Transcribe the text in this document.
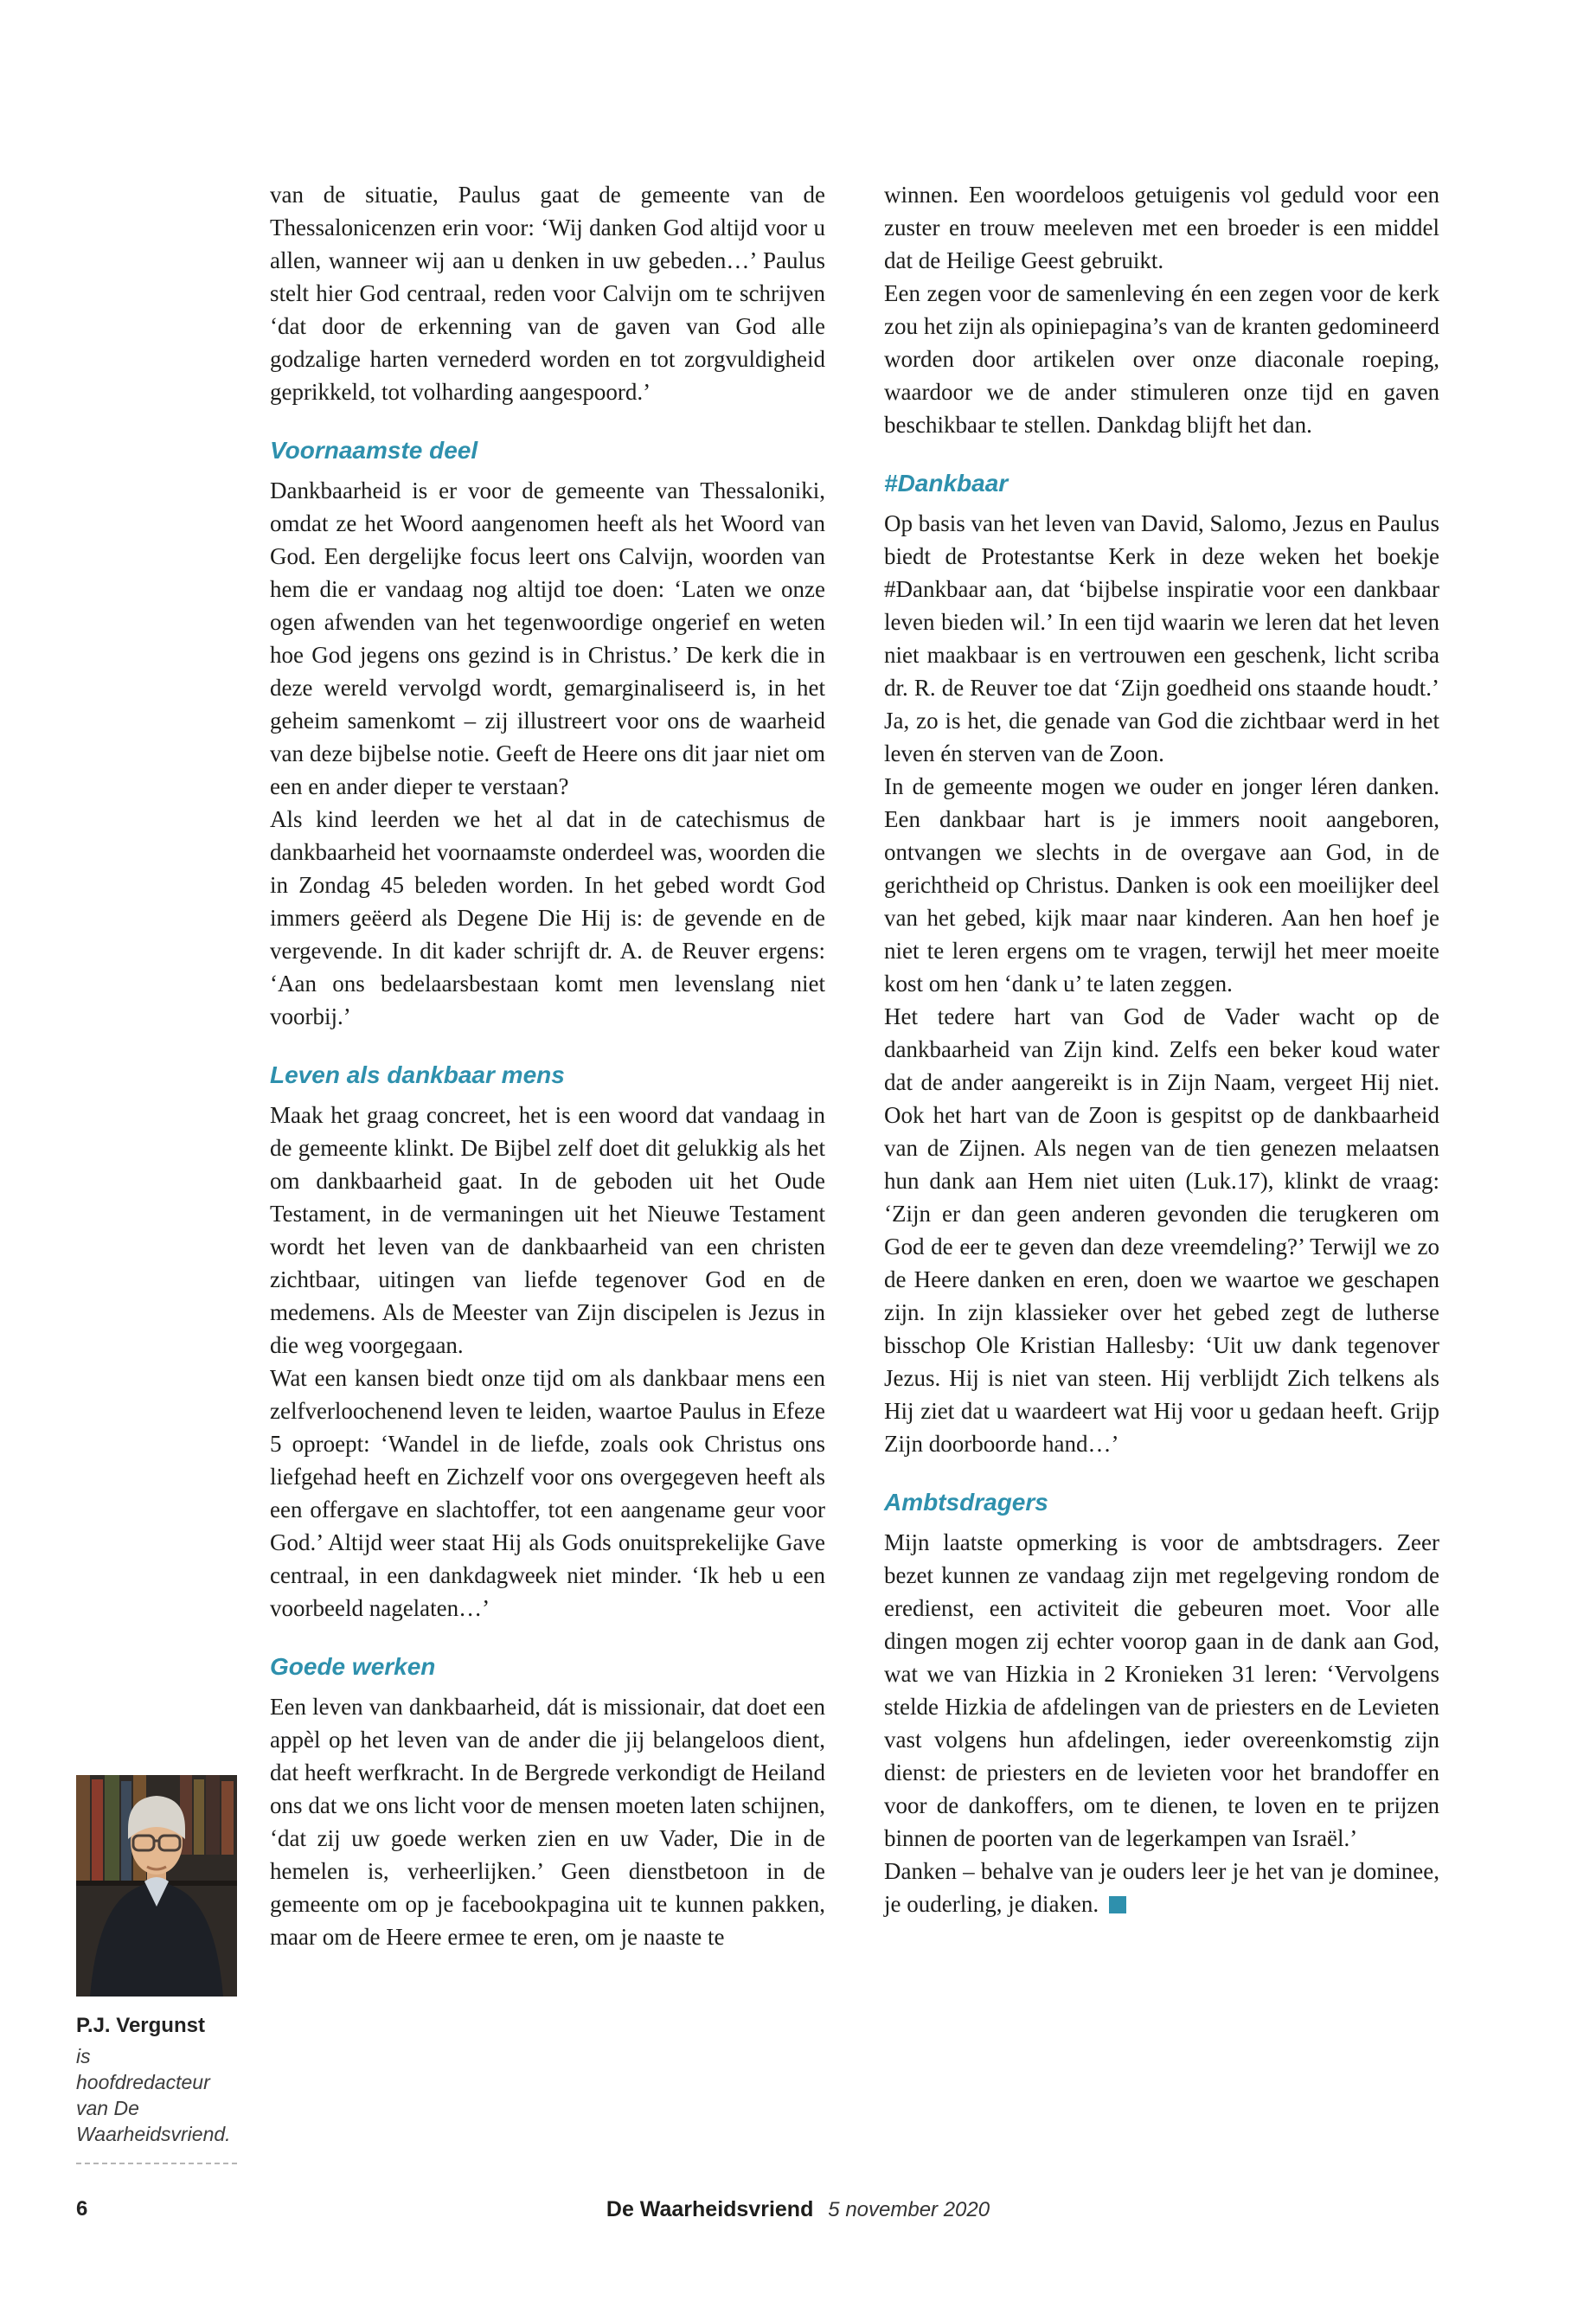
van de situatie, Paulus gaat de gemeente van de Thessalonicenzen erin voor: ‘Wij danken God altijd voor u allen, wanneer wij aan u denken in uw gebeden…’ Paulus stelt hier God centraal, reden voor Calvijn om te schrijven ‘dat door de erkenning van de gaven van God alle godzalige harten vernederd worden en tot zorgvuldigheid geprikkeld, tot volharding aangespoord.’

Voornaamste deel

Dankbaarheid is er voor de gemeente van Thessaloniki, omdat ze het Woord aangenomen heeft als het Woord van God. Een dergelijke focus leert ons Calvijn, woorden van hem die er vandaag nog altijd toe doen: ‘Laten we onze ogen afwenden van het tegenwoordige ongerief en weten hoe God jegens ons gezind is in Christus.’ De kerk die in deze wereld vervolgd wordt, gemarginaliseerd is, in het geheim samenkomt – zij illustreert voor ons de waarheid van deze bijbelse notie. Geeft de Heere ons dit jaar niet om een en ander dieper te verstaan?

Als kind leerden we het al dat in de catechismus de dankbaarheid het voornaamste onderdeel was, woorden die in Zondag 45 beleden worden. In het gebed wordt God immers geëerd als Degene Die Hij is: de gevende en de vergevende. In dit kader schrijft dr. A. de Reuver ergens: ‘Aan ons bedelaarsbestaan komt men levenslang niet voorbij.’

Leven als dankbaar mens

Maak het graag concreet, het is een woord dat vandaag in de gemeente klinkt. De Bijbel zelf doet dit gelukkig als het om dankbaarheid gaat. In de geboden uit het Oude Testament, in de vermaningen uit het Nieuwe Testament wordt het leven van de dankbaarheid van een christen zichtbaar, uitingen van liefde tegenover God en de medemens. Als de Meester van Zijn discipelen is Jezus in die weg voorgegaan.

Wat een kansen biedt onze tijd om als dankbaar mens een zelfverloochenend leven te leiden, waartoe Paulus in Efeze 5 oproept: ‘Wandel in de liefde, zoals ook Christus ons liefgehad heeft en Zichzelf voor ons overgegeven heeft als een offergave en slachtoffer, tot een aangename geur voor God.’ Altijd weer staat Hij als Gods onuitsprekelijke Gave centraal, in een dankdagweek niet minder. ‘Ik heb u een voorbeeld nagelaten…’

Goede werken

Een leven van dankbaarheid, dát is missionair, dat doet een appèl op het leven van de ander die jij belangeloos dient, dat heeft werfkracht. In de Bergrede verkondigt de Heiland ons dat we ons licht voor de mensen moeten laten schijnen, ‘dat zij uw goede werken zien en uw Vader, Die in de hemelen is, verheerlijken.’ Geen dienstbetoon in de gemeente om op je facebookpagina uit te kunnen pakken, maar om de Heere ermee te eren, om je naaste te

winnen. Een woordeloos getuigenis vol geduld voor een zuster en trouw meeleven met een broeder is een middel dat de Heilige Geest gebruikt.

Een zegen voor de samenleving én een zegen voor de kerk zou het zijn als opiniepagina’s van de kranten gedomineerd worden door artikelen over onze diaconale roeping, waardoor we de ander stimuleren onze tijd en gaven beschikbaar te stellen. Dankdag blijft het dan.

#Dankbaar

Op basis van het leven van David, Salomo, Jezus en Paulus biedt de Protestantse Kerk in deze weken het boekje #Dankbaar aan, dat ‘bijbelse inspiratie voor een dankbaar leven bieden wil.’ In een tijd waarin we leren dat het leven niet maakbaar is en vertrouwen een geschenk, licht scriba dr. R. de Reuver toe dat ‘Zijn goedheid ons staande houdt.’ Ja, zo is het, die genade van God die zichtbaar werd in het leven én sterven van de Zoon.

In de gemeente mogen we ouder en jonger léren danken. Een dankbaar hart is je immers nooit aangeboren, ontvangen we slechts in de overgave aan God, in de gerichtheid op Christus. Danken is ook een moeilijker deel van het gebed, kijk maar naar kinderen. Aan hen hoef je niet te leren ergens om te vragen, terwijl het meer moeite kost om hen ‘dank u’ te laten zeggen.

Het tedere hart van God de Vader wacht op de dankbaarheid van Zijn kind. Zelfs een beker koud water dat de ander aangereikt is in Zijn Naam, vergeet Hij niet. Ook het hart van de Zoon is gespitst op de dankbaarheid van de Zijnen. Als negen van de tien genezen melaatsen hun dank aan Hem niet uiten (Luk.17), klinkt de vraag: ‘Zijn er dan geen anderen gevonden die terugkeren om God de eer te geven dan deze vreemdeling?’ Terwijl we zo de Heere danken en eren, doen we waartoe we geschapen zijn. In zijn klassieker over het gebed zegt de lutherse bisschop Ole Kristian Hallesby: ‘Uit uw dank tegenover Jezus. Hij is niet van steen. Hij verblijdt Zich telkens als Hij ziet dat u waardeert wat Hij voor u gedaan heeft. Grijp Zijn doorboorde hand…’

Ambtsdragers

Mijn laatste opmerking is voor de ambtsdragers. Zeer bezet kunnen ze vandaag zijn met regelgeving rondom de eredienst, een activiteit die gebeuren moet. Voor alle dingen mogen zij echter voorop gaan in de dank aan God, wat we van Hizkia in 2 Kronieken 31 leren: ‘Vervolgens stelde Hizkia de afdelingen van de priesters en de Levieten vast volgens hun afdelingen, ieder overeenkomstig zijn dienst: de priesters en de levieten voor het brandoffer en voor de dankoffers, om te dienen, te loven en te prijzen binnen de poorten van de legerkampen van Israël.’

Danken – behalve van je ouders leer je het van je dominee, je ouderling, je diaken.

P.J. Vergunst
is hoofdredacteur van De Waarheidsvriend.
6	De Waarheidsvriend 5 november 2020
